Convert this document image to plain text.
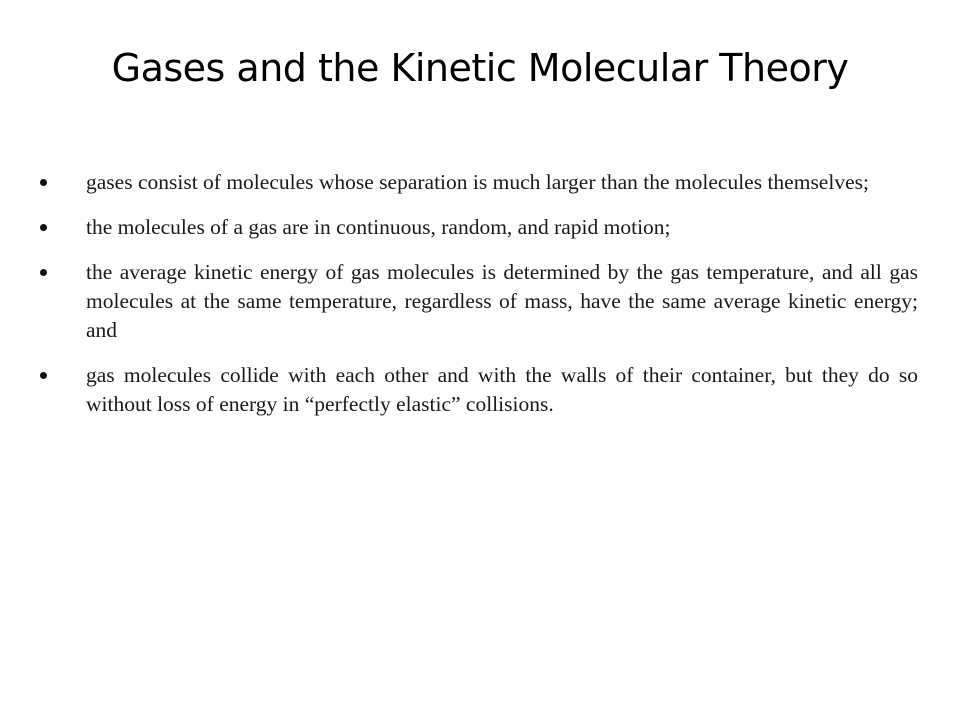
Gases and the Kinetic Molecular Theory
gases consist of molecules whose separation is much larger than the molecules themselves;
the molecules of a gas are in continuous, random, and rapid motion;
the average kinetic energy of gas molecules is determined by the gas temperature, and all gas molecules at the same temperature, regardless of mass, have the same average kinetic energy; and
gas molecules collide with each other and with the walls of their container, but they do so without loss of energy in “perfectly elastic” collisions.
